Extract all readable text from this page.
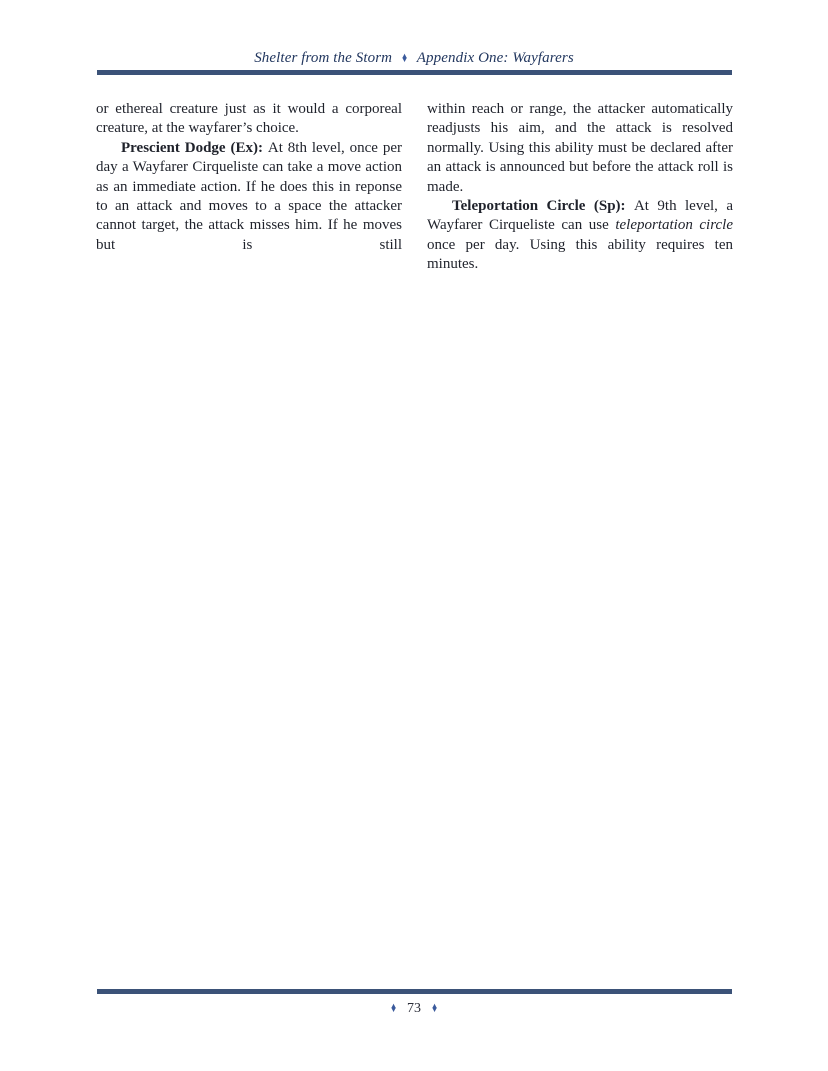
Shelter from the Storm ♦ Appendix One: Wayfarers

or ethereal creature just as it would a corporeal creature, at the wayfarer’s choice.

Prescient Dodge (Ex): At 8th level, once per day a Wayfarer Cirqueliste can take a move action as an immediate action. If he does this in reponse to an attack and moves to a space the attacker cannot target, the attack misses him. If he moves but is still

within reach or range, the attacker automatically readjusts his aim, and the attack is resolved normally. Using this ability must be declared after an attack is announced but before the attack roll is made.

Teleportation Circle (Sp): At 9th level, a Wayfarer Cirqueliste can use teleportation circle once per day. Using this ability requires ten minutes.

♦ 73 ♦
